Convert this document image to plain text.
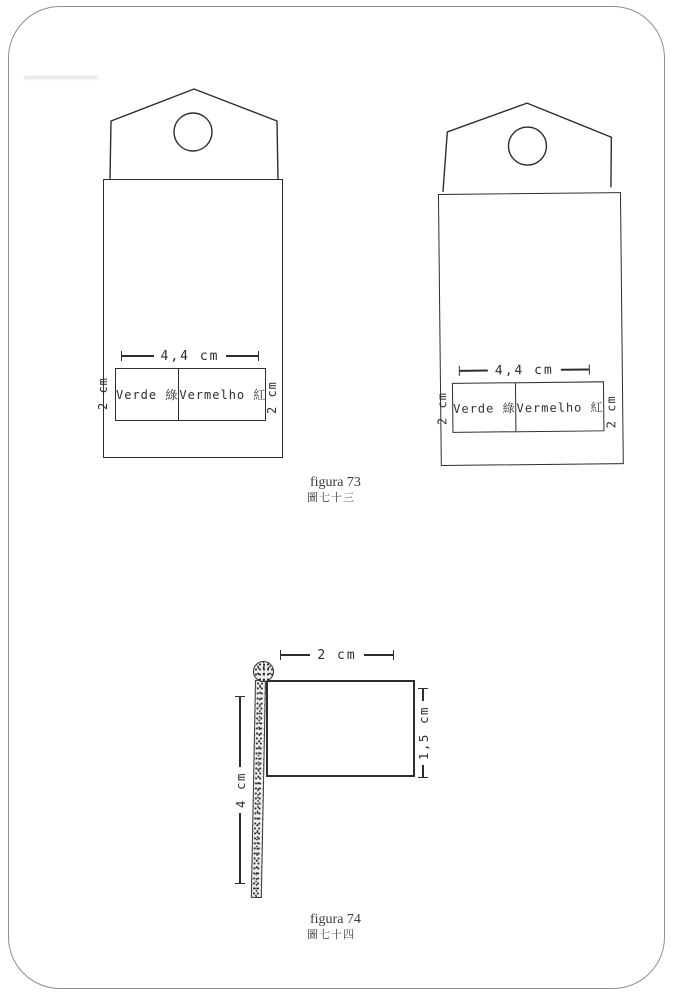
4,4 cm
Verde 綠 Vermelho 紅
2 cm	2 cm
4,4 cm
Verde 綠 Vermelho 紅
2 cm	2 cm
figura 73
圖七十三
2 cm
1,5 cm
4 cm
figura 74
圖七十四
